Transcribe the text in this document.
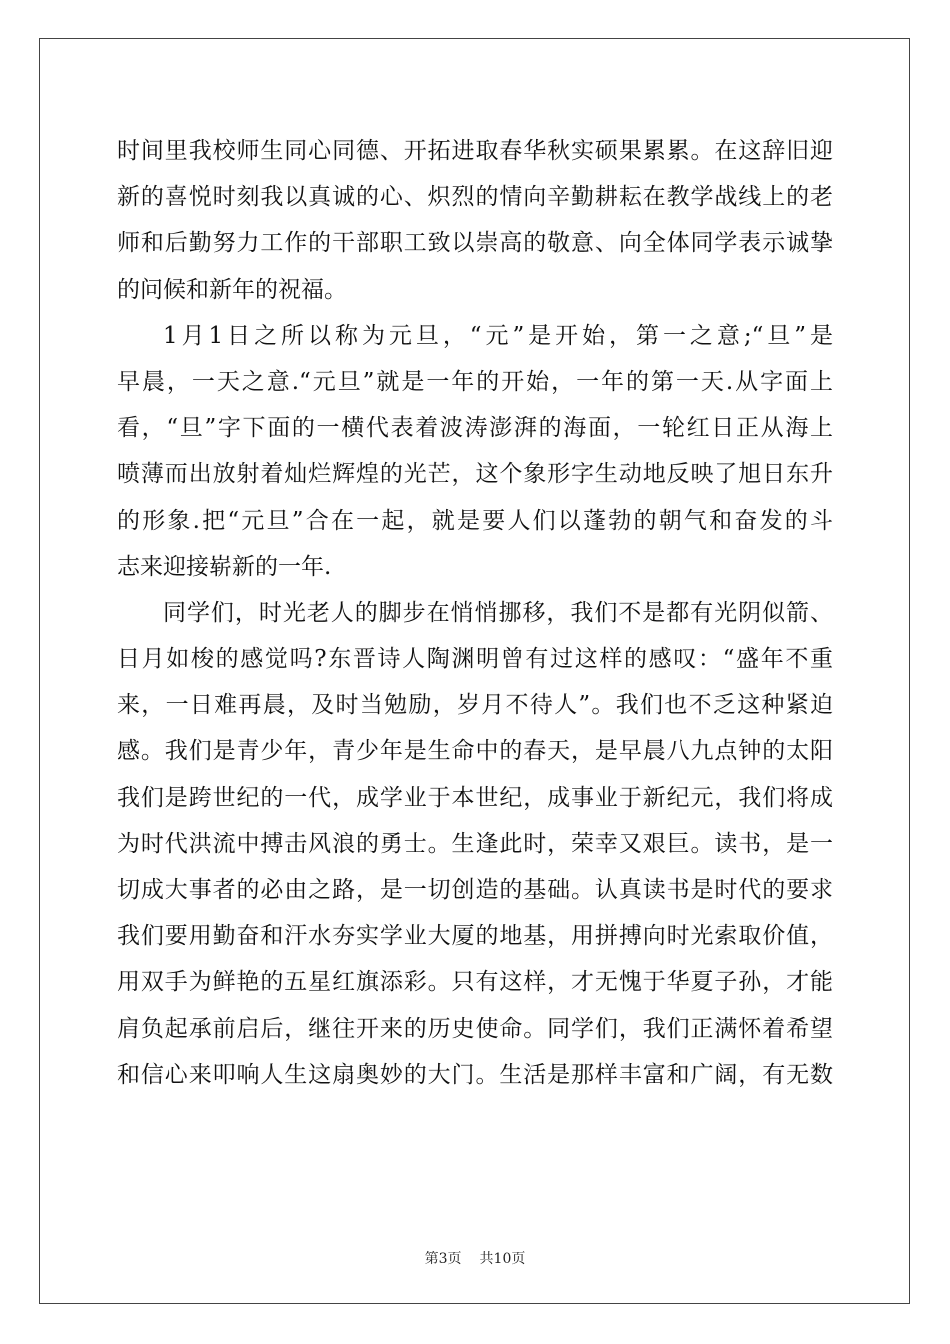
时间里我校师生同心同德、开拓进取春华秋实硕果累累。在这辞旧迎
新的喜悦时刻我以真诚的心、炽烈的情向辛勤耕耘在教学战线上的老
师和后勤努力工作的干部职工致以崇高的敬意、向全体同学表示诚挚
的问候和新年的祝福。
1月1日之所以称为元旦，“元”是开始，第一之意;“旦”是
早晨，一天之意.“元旦”就是一年的开始，一年的第一天.从字面上
看，“旦”字下面的一横代表着波涛澎湃的海面，一轮红日正从海上
喷薄而出放射着灿烂辉煌的光芒，这个象形字生动地反映了旭日东升
的形象.把“元旦”合在一起，就是要人们以蓬勃的朝气和奋发的斗
志来迎接崭新的一年.
同学们，时光老人的脚步在悄悄挪移，我们不是都有光阴似箭、
日月如梭的感觉吗?东晋诗人陶渊明曾有过这样的感叹：“盛年不重
来，一日难再晨，及时当勉励，岁月不待人”。我们也不乏这种紧迫
感。我们是青少年，青少年是生命中的春天，是早晨八九点钟的太阳
我们是跨世纪的一代，成学业于本世纪，成事业于新纪元，我们将成
为时代洪流中搏击风浪的勇士。生逢此时，荣幸又艰巨。读书，是一
切成大事者的必由之路，是一切创造的基础。认真读书是时代的要求
我们要用勤奋和汗水夯实学业大厦的地基，用拼搏向时光索取价值，
用双手为鲜艳的五星红旗添彩。只有这样，才无愧于华夏子孙，才能
肩负起承前启后，继往开来的历史使命。同学们，我们正满怀着希望
和信心来叩响人生这扇奥妙的大门。生活是那样丰富和广阔，有无数
第3页 共10页
